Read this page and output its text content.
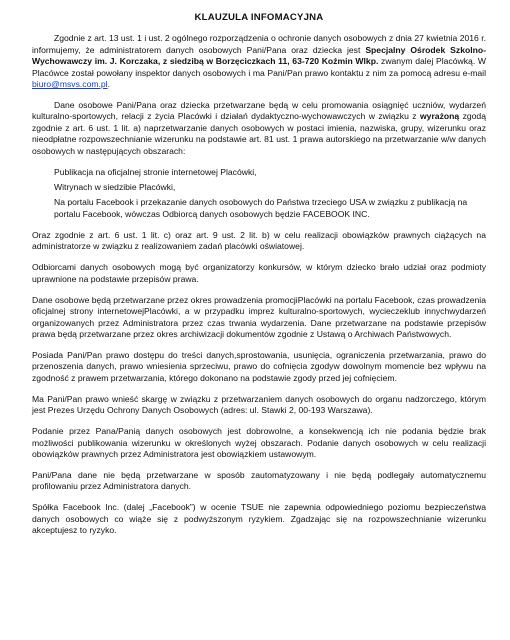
KLAUZULA INFOMACYJNA

Zgodnie z art. 13 ust. 1 i ust. 2 ogólnego rozporządzenia o ochronie danych osobowych z dnia 27 kwietnia 2016 r. informujemy, że administratorem danych osobowych Pani/Pana oraz dziecka jest Specjalny Ośrodek Szkolno-Wychowawczy im. J. Korczaka, z siedzibą w Borzęciczkach 11, 63-720 Koźmin Wlkp. zwanym dalej Placówką. W Placówce został powołany inspektor danych osobowych i ma Pani/Pan prawo kontaktu z nim za pomocą adresu e-mail biuro@msvs.com.pl.

Dane osobowe Pani/Pana oraz dziecka przetwarzane będą w celu promowania osiągnięć uczniów, wydarzeń kulturalno-sportowych, relacji z życia Placówki i działań dydaktyczno-wychowawczych w związku z wyrażoną zgodą zgodnie z art. 6 ust. 1 lit. a) naprzetwarzanie danych osobowych w postaci imienia, nazwiska, grupy, wizerunku oraz nieodpłatne rozpowszechnianie wizerunku na podstawie art. 81 ust. 1 prawa autorskiego na przetwarzanie w/w danych osobowych w następujących obszarach:

Publikacja na oficjalnej stronie internetowej Placówki,
Witrynach w siedzibie Placówki,
Na portalu Facebook i przekazanie danych osobowych do Państwa trzeciego USA w związku z publikacją na portalu Facebook, wówczas Odbiorcą danych osobowych będzie FACEBOOK INC.

Oraz zgodnie z art. 6 ust. 1 lit. c) oraz art. 9 ust. 2 lit. b) w celu realizacji obowiązków prawnych ciążących na administratorze w związku z realizowaniem zadań placówki oświatowej.

Odbiorcami danych osobowych mogą być organizatorzy konkursów, w którym dziecko brało udział oraz podmioty uprawnione na podstawie przepisów prawa.

Dane osobowe będą przetwarzane przez okres prowadzenia promocjiPlacówki na portalu Facebook, czas prowadzenia oficjalnej strony internetowejPlacówki, a w przypadku imprez kulturalno-sportowych, wycieczeklub innychwydarzeń organizowanych przez Administratora przez czas trwania wydarzenia. Dane przetwarzane na podstawie przepisów prawa będą przetwarzane przez okres archiwizacji dokumentów zgodnie z Ustawą o Archiwach Państwowych.

Posiada Pani/Pan prawo dostępu do treści danych,sprostowania, usunięcia, ograniczenia przetwarzania, prawo do przenoszenia danych, prawo wniesienia sprzeciwu, prawo do cofnięcia zgodyw dowolnym momencie bez wpływu na zgodność z prawem przetwarzania, którego dokonano na podstawie zgody przed jej cofnięciem.

Ma Pani/Pan prawo wnieść skargę w związku z przetwarzaniem danych osobowych do organu nadzorczego, którym jest Prezes Urzędu Ochrony Danych Osobowych (adres: ul. Stawki 2, 00-193 Warszawa).

Podanie przez Pana/Panią danych osobowych jest dobrowolne, a konsekwencją ich nie podania będzie brak możliwości publikowania wizerunku w określonych wyżej obszarach. Podanie danych osobowych w celu realizacji obowiązków prawnych przez Administratora jest obowiązkiem ustawowym.

Pani/Pana dane nie będą przetwarzane w sposób zautomatyzowany i nie będą podlegały automatycznemu profilowaniu przez Administratora danych.

Spółka Facebook Inc. (dalej „Facebook”) w ocenie TSUE nie zapewnia odpowiedniego poziomu bezpieczeństwa danych osobowych co wiąże się z podwyższonym ryzykiem. Zgadzając się na rozpowszechnianie wizerunku akceptujesz to ryzyko.
